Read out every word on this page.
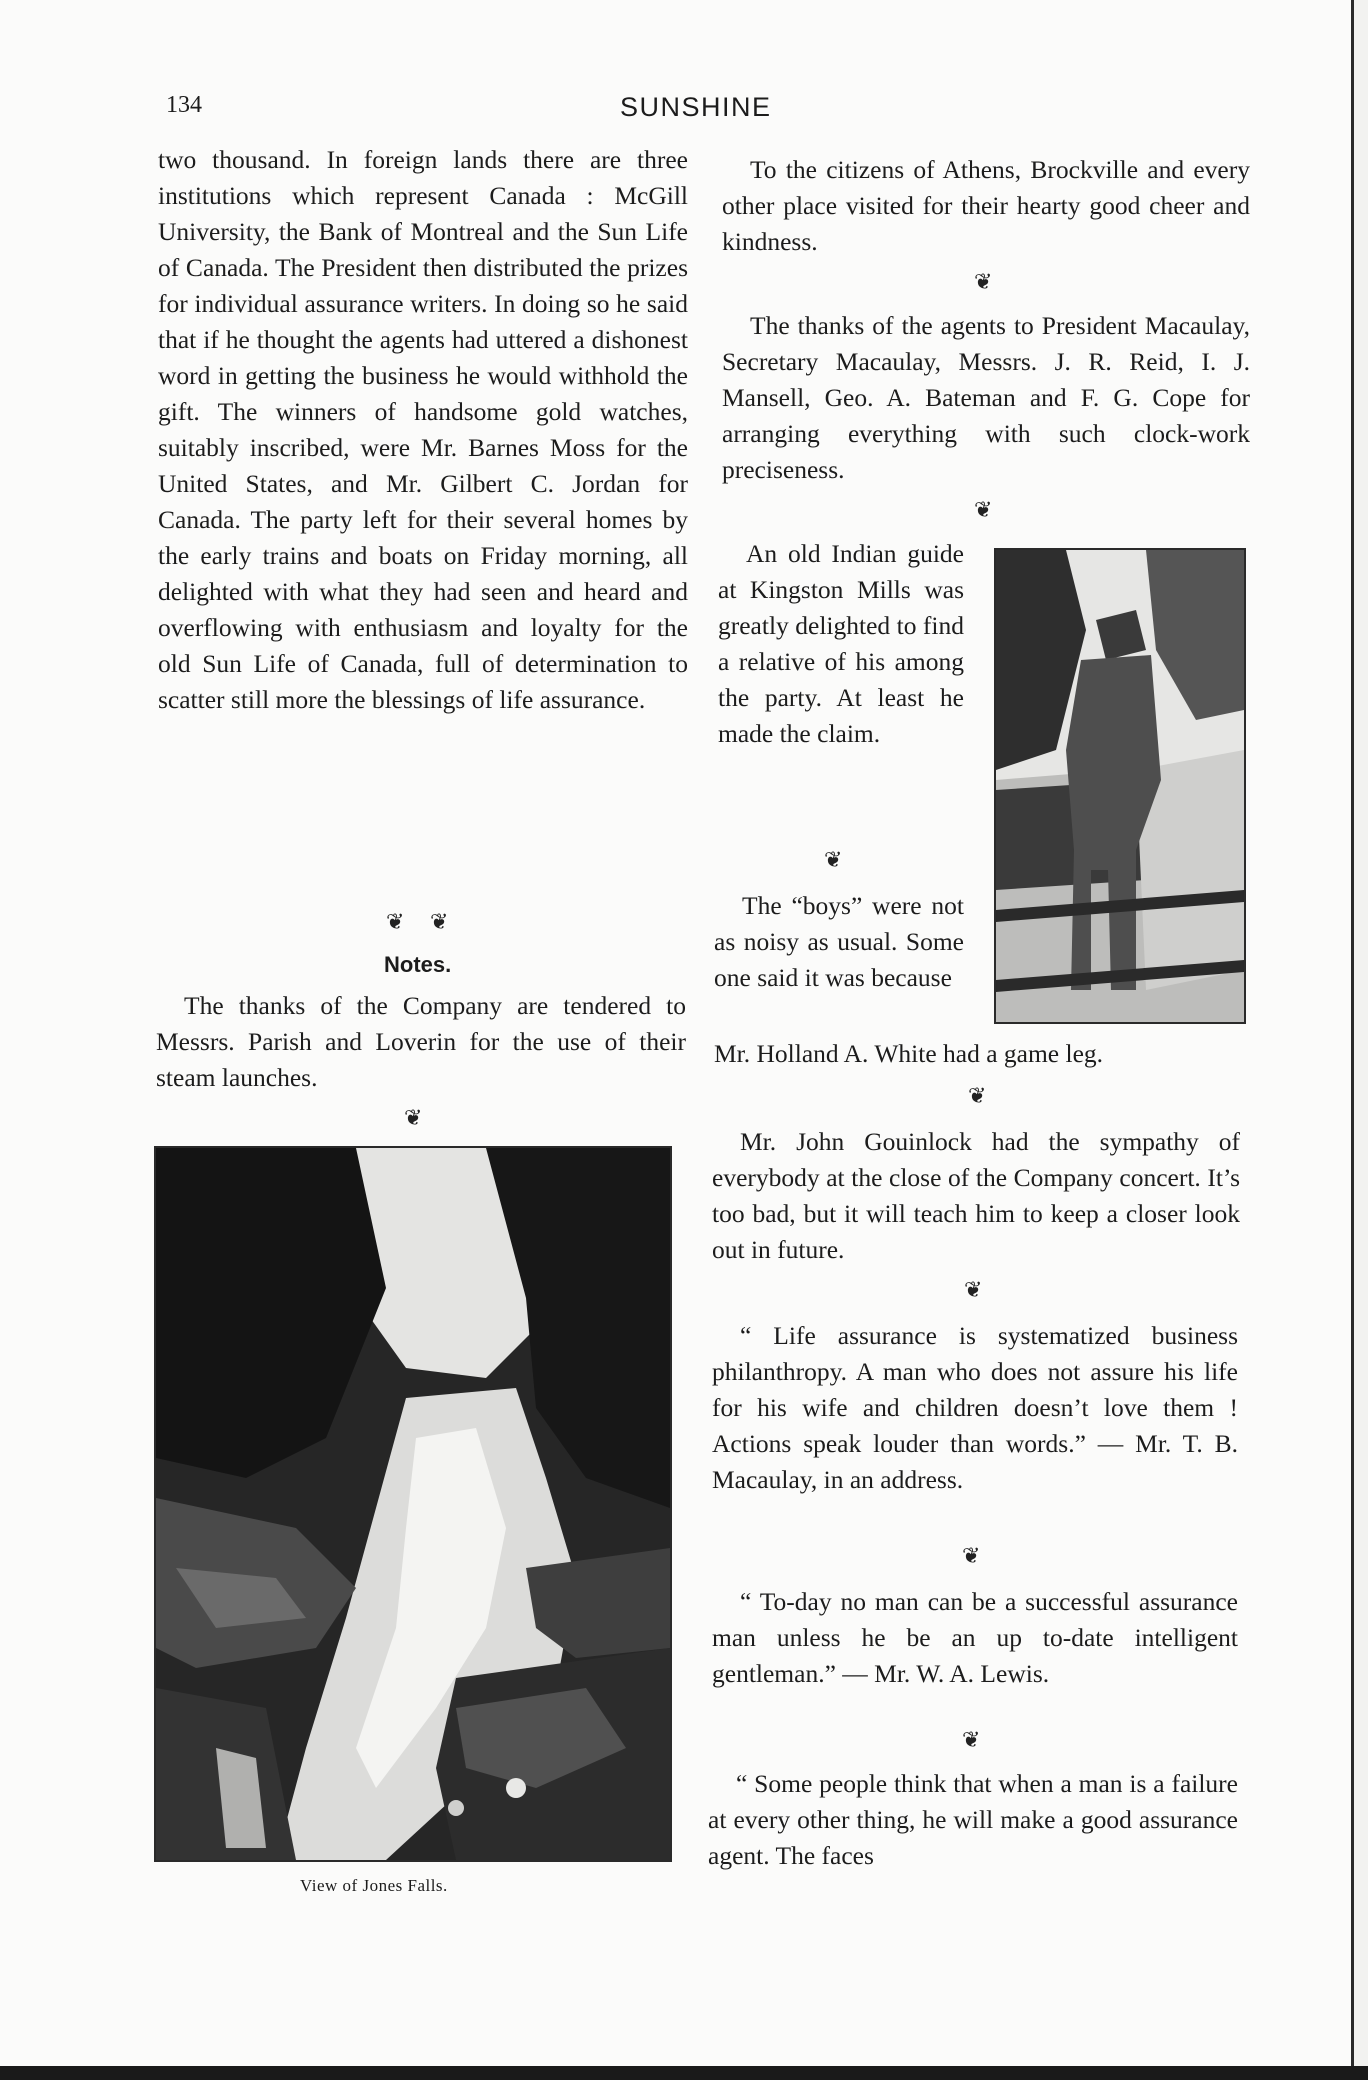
134	SUNSHINE

two thousand. In foreign lands there are three institutions which represent Canada : McGill University, the Bank of Montreal and the Sun Life of Canada. The President then distributed the prizes for individual assurance writers. In doing so he said that if he thought the agents had uttered a dishonest word in getting the business he would withhold the gift. The winners of handsome gold watches, suitably inscribed, were Mr. Barnes Moss for the United States, and Mr. Gilbert C. Jordan for Canada. The party left for their several homes by the early trains and boats on Friday morning, all delighted with what they had seen and heard and overflowing with enthusiasm and loyalty for the old Sun Life of Canada, full of determination to scatter still more the blessings of life assurance.

❦ ❦
Notes.

The thanks of the Company are tendered to Messrs. Parish and Loverin for the use of their steam launches.

❦
View of Jones Falls.

To the citizens of Athens, Brockville and every other place visited for their hearty good cheer and kindness.

❦

The thanks of the agents to President Macaulay, Secretary Macaulay, Messrs. J. R. Reid, I. J. Mansell, Geo. A. Bateman and F. G. Cope for arranging everything with such clock-work preciseness.

❦

An old Indian guide at Kingston Mills was greatly delighted to find a relative of his among the party. At least he made the claim.

❦

The “boys” were not as noisy as usual. Some one said it was because

Mr. Holland A. White had a game leg.

❦

Mr. John Gouinlock had the sympathy of everybody at the close of the Company concert. It’s too bad, but it will teach him to keep a closer look out in future.

❦

“ Life assurance is systematized business philanthropy. A man who does not assure his life for his wife and children doesn’t love them ! Actions speak louder than words.” — Mr. T. B. Macaulay, in an address.

❦

“ To-day no man can be a successful assurance man unless he be an up to-date intelligent gentleman.” — Mr. W. A. Lewis.

❦

“ Some people think that when a man is a failure at every other thing, he will make a good assurance agent. The faces
